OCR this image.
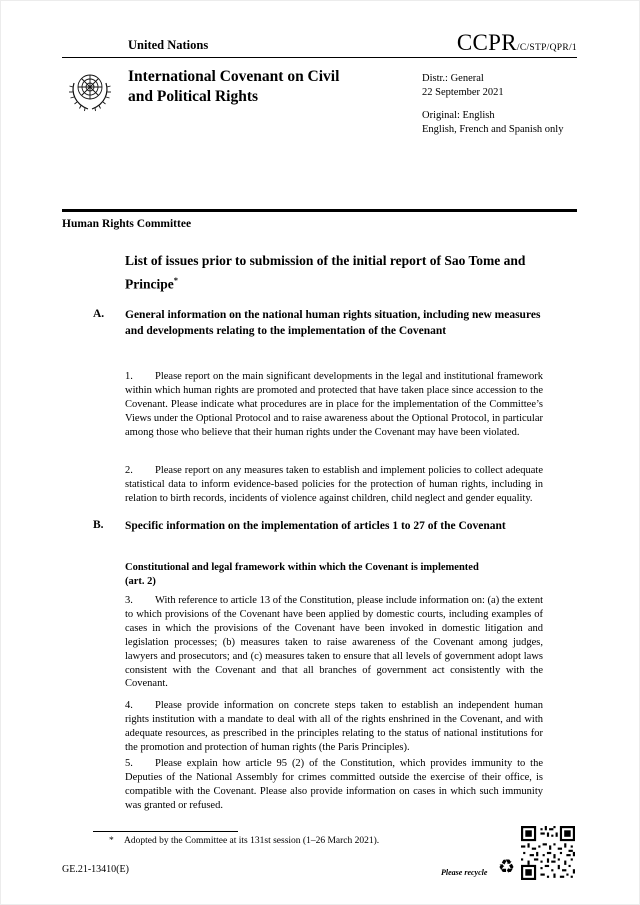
United Nations	CCPR/C/STP/QPR/1
International Covenant on Civil and Political Rights
Distr.: General
22 September 2021
Original: English
English, French and Spanish only
Human Rights Committee
List of issues prior to submission of the initial report of Sao Tome and Principe*
A. General information on the national human rights situation, including new measures and developments relating to the implementation of the Covenant
1. Please report on the main significant developments in the legal and institutional framework within which human rights are promoted and protected that have taken place since accession to the Covenant. Please indicate what procedures are in place for the implementation of the Committee’s Views under the Optional Protocol and to raise awareness about the Optional Protocol, in particular among those who believe that their human rights under the Covenant may have been violated.
2. Please report on any measures taken to establish and implement policies to collect adequate statistical data to inform evidence-based policies for the protection of human rights, including in relation to birth records, incidents of violence against children, child neglect and gender equality.
B. Specific information on the implementation of articles 1 to 27 of the Covenant
Constitutional and legal framework within which the Covenant is implemented
(art. 2)
3. With reference to article 13 of the Constitution, please include information on: (a) the extent to which provisions of the Covenant have been applied by domestic courts, including examples of cases in which the provisions of the Covenant have been invoked in domestic litigation and legislation processes; (b) measures taken to raise awareness of the Covenant among judges, lawyers and prosecutors; and (c) measures taken to ensure that all levels of government adopt laws consistent with the Covenant and that all branches of government act consistently with the Covenant.
4. Please provide information on concrete steps taken to establish an independent human rights institution with a mandate to deal with all of the rights enshrined in the Covenant, and with adequate resources, as prescribed in the principles relating to the status of national institutions for the promotion and protection of human rights (the Paris Principles).
5. Please explain how article 95 (2) of the Constitution, which provides immunity to the Deputies of the National Assembly for crimes committed outside the exercise of their office, is compatible with the Covenant. Please also provide information on cases in which such immunity was granted or refused.
* Adopted by the Committee at its 131st session (1–26 March 2021).
GE.21-13410(E)	Please recycle ♻
